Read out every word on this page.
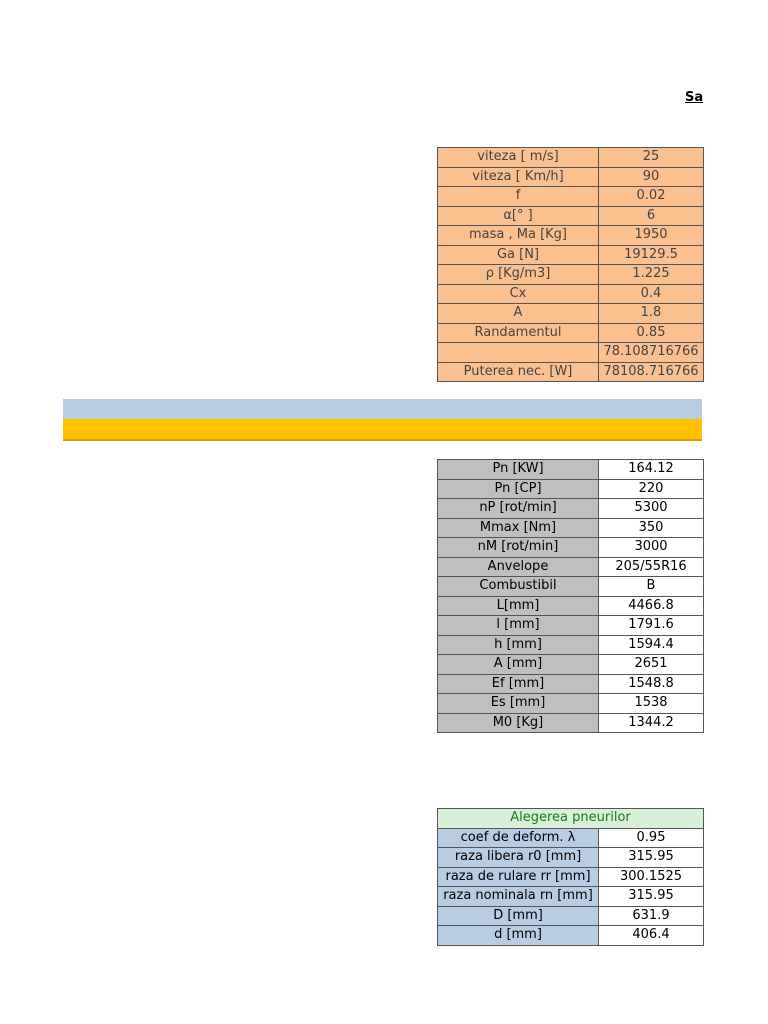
Sa
viteza [ m/s]	25
viteza [ Km/h]	90
f	0.02
α[° ]	6
masa , Ma [Kg]	1950
Ga [N]	19129.5
ρ [Kg/m3]	1.225
Cx	0.4
A	1.8
Randamentul	0.85
	78.108716766
Puterea nec. [W]	78108.716766
Pn [KW]	164.12
Pn [CP]	220
nP [rot/min]	5300
Mmax [Nm]	350
nM [rot/min]	3000
Anvelope	205/55R16
Combustibil	B
L[mm]	4466.8
l [mm]	1791.6
h [mm]	1594.4
A [mm]	2651
Ef [mm]	1548.8
Es [mm]	1538
M0 [Kg]	1344.2
Alegerea pneurilor	
coef de deform. λ	0.95
raza libera r0 [mm]	315.95
raza de rulare rr [mm]	300.1525
raza nominala rn [mm]	315.95
D [mm]	631.9
d [mm]	406.4
